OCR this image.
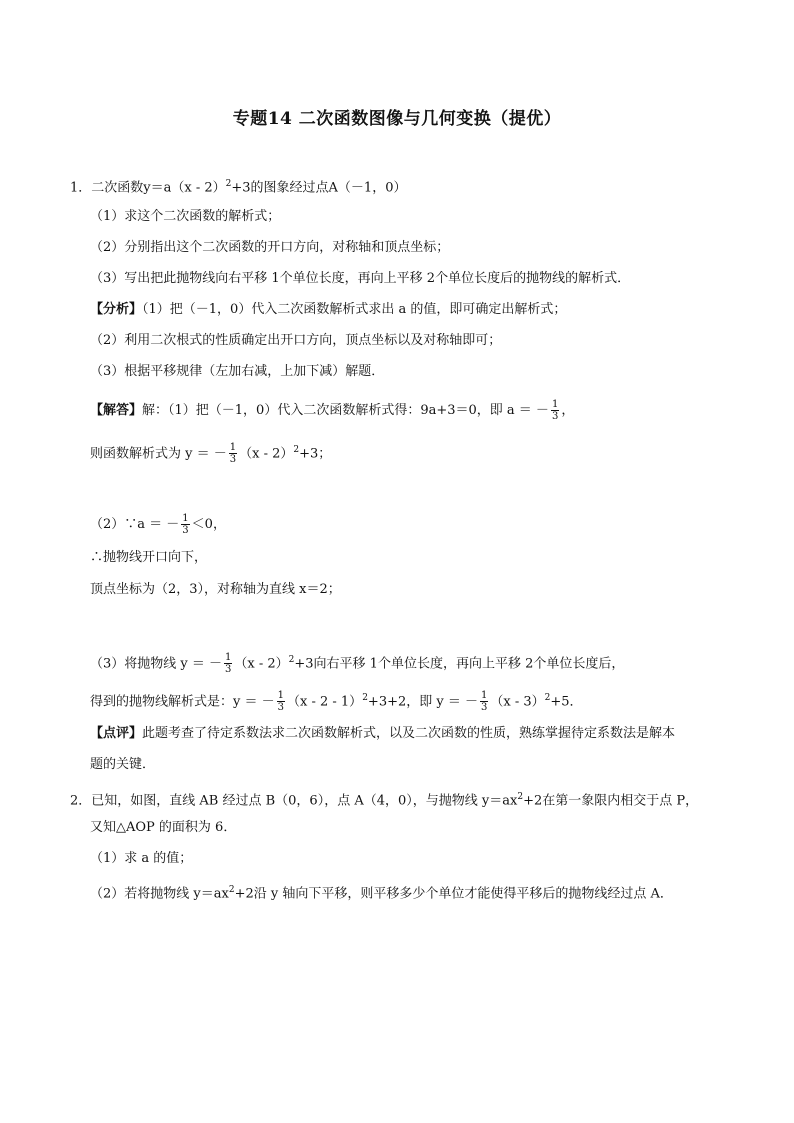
专题14 二次函数图像与几何变换（提优）
1．二次函数y＝a（x - 2）$^2$+3的图象经过点A（－1，0）
（1）求这个二次函数的解析式；
（2）分别指出这个二次函数的开口方向，对称轴和顶点坐标；
（3）写出把此抛物线向右平移 1个单位长度，再向上平移 2个单位长度后的抛物线的解析式．
【分析】（1）把（－1，0）代入二次函数解析式求出 a 的值，即可确定出解析式；
（2）利用二次根式的性质确定出开口方向，顶点坐标以及对称轴即可；
（3）根据平移规律（左加右减，上加下减）解题．
【解答】解：（1）把（－1，0）代入二次函数解析式得：9a+3＝0，即 a ＝ － $\frac{1}{3}$ ，
则函数解析式为 y ＝ － $\frac{1}{3} (x - 2)^2+3$；
（2）∵a ＝ － $\frac{1}{3} <0$，
∴抛物线开口向下，
顶点坐标为（2，3），对称轴为直线 x＝2；
（3）将抛物线 y ＝ － $\frac{1}{3} (x - 2)^2+3$向右平移 1个单位长度，再向上平移 2个单位长度后，
得到的抛物线解析式是：y ＝ － $\frac{1}{3} (x - 2 - 1)^2+3+2$，即 y ＝ － $\frac{1}{3} (x - 3)^2+5$．
【点评】此题考查了待定系数法求二次函数解析式，以及二次函数的性质，熟练掌握待定系数法是解本
题的关键．
2．已知，如图，直线 AB 经过点 B（0，6），点 A（4，0），与抛物线 $y=ax^2+2$在第一象限内相交于点 P，
又知△AOP 的面积为 6．
（1）求 a 的值；
（2）若将抛物线 $y=ax^2+2$沿 y 轴向下平移，则平移多少个单位才能使得平移后的抛物线经过点 A．
